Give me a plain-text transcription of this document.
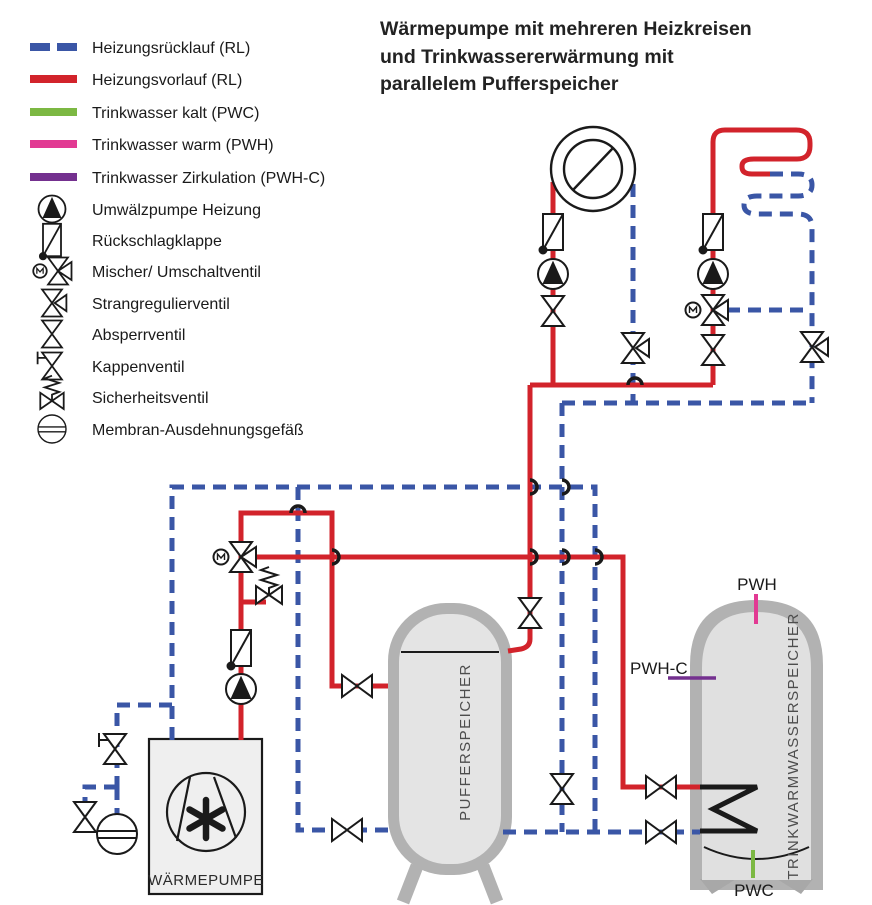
Heizungsrücklauf (RL)
Heizungsvorlauf (RL)
Trinkwasser kalt (PWC)
Trinkwasser warm (PWH)
Trinkwasser Zirkulation (PWH-C)
Umwälzpumpe Heizung
Rückschlagklappe
Mischer/ Umschaltventil
Strangregulierventil
Absperrventil
Kappenventil
Sicherheitsventil
Membran-Ausdehnungsgefäß
PWH
PWH-C
PWC
WÄRMEPUMPE
PUFFERSPEICHER	TRINKWARMWASSERSPEICHER
Wärmepumpe mit mehreren Heizkreisen
und Trinkwassererwärmung mit
parallelem Pufferspeicher
